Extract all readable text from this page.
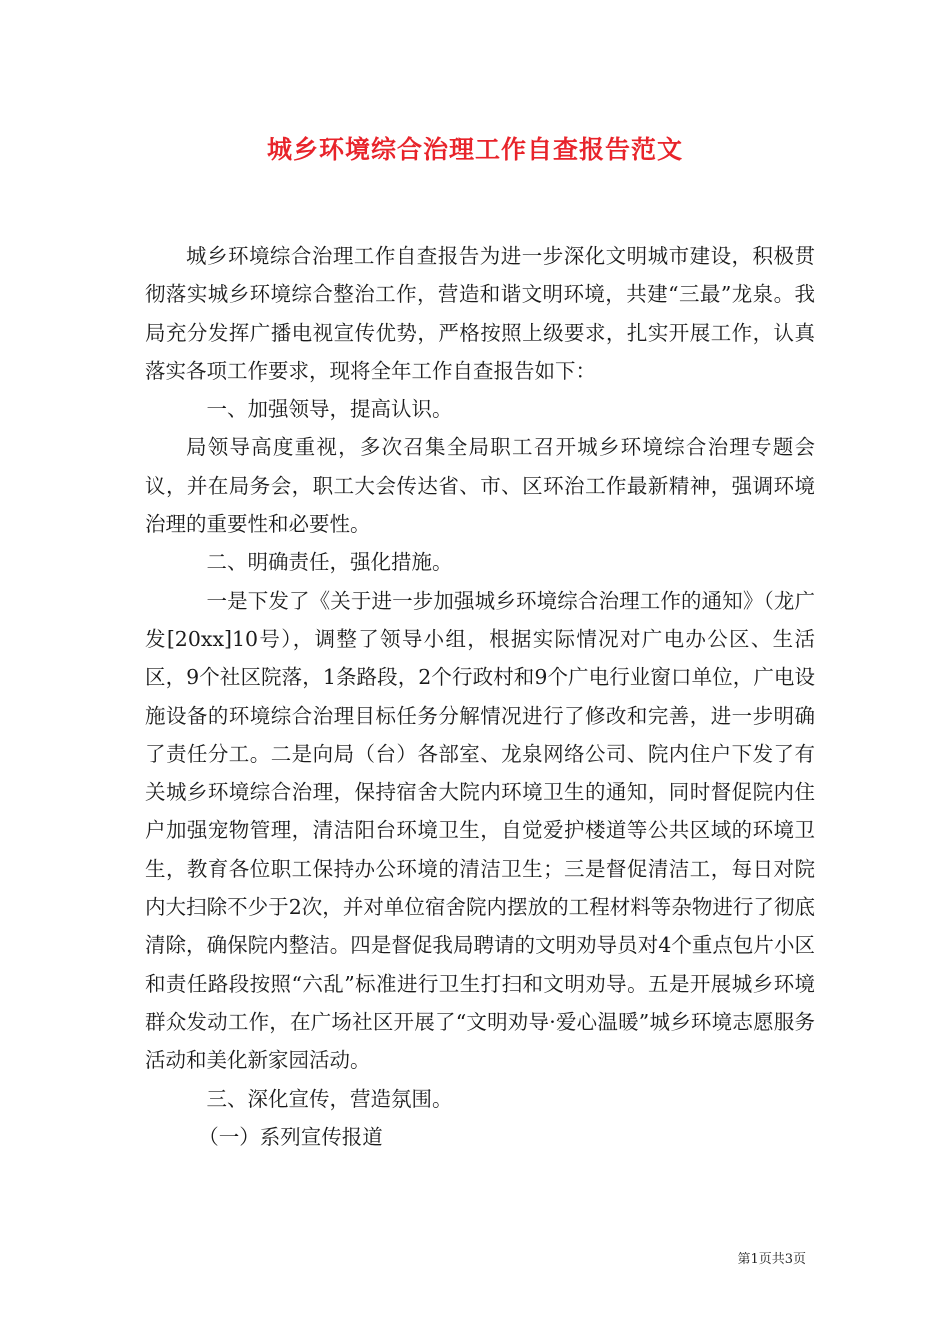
城乡环境综合治理工作自查报告范文

城乡环境综合治理工作自查报告为进一步深化文明城市建设，积极贯彻落实城乡环境综合整治工作，营造和谐文明环境，共建“三最”龙泉。我局充分发挥广播电视宣传优势，严格按照上级要求，扎实开展工作，认真落实各项工作要求，现将全年工作自查报告如下：

一、加强领导，提高认识。

局领导高度重视，多次召集全局职工召开城乡环境综合治理专题会议，并在局务会，职工大会传达省、市、区环治工作最新精神，强调环境治理的重要性和必要性。

二、明确责任，强化措施。

一是下发了《关于进一步加强城乡环境综合治理工作的通知》（龙广发[20xx]10号），调整了领导小组，根据实际情况对广电办公区、生活区，9个社区院落，1条路段，2个行政村和9个广电行业窗口单位，广电设施设备的环境综合治理目标任务分解情况进行了修改和完善，进一步明确了责任分工。二是向局（台）各部室、龙泉网络公司、院内住户下发了有关城乡环境综合治理，保持宿舍大院内环境卫生的通知，同时督促院内住户加强宠物管理，清洁阳台环境卫生，自觉爱护楼道等公共区域的环境卫生，教育各位职工保持办公环境的清洁卫生；三是督促清洁工，每日对院内大扫除不少于2次，并对单位宿舍院内摆放的工程材料等杂物进行了彻底清除，确保院内整洁。四是督促我局聘请的文明劝导员对4个重点包片小区和责任路段按照“六乱”标准进行卫生打扫和文明劝导。五是开展城乡环境群众发动工作，在广场社区开展了“文明劝导·爱心温暖”城乡环境志愿服务活动和美化新家园活动。

三、深化宣传，营造氛围。

（一）系列宣传报道

第1页共3页
